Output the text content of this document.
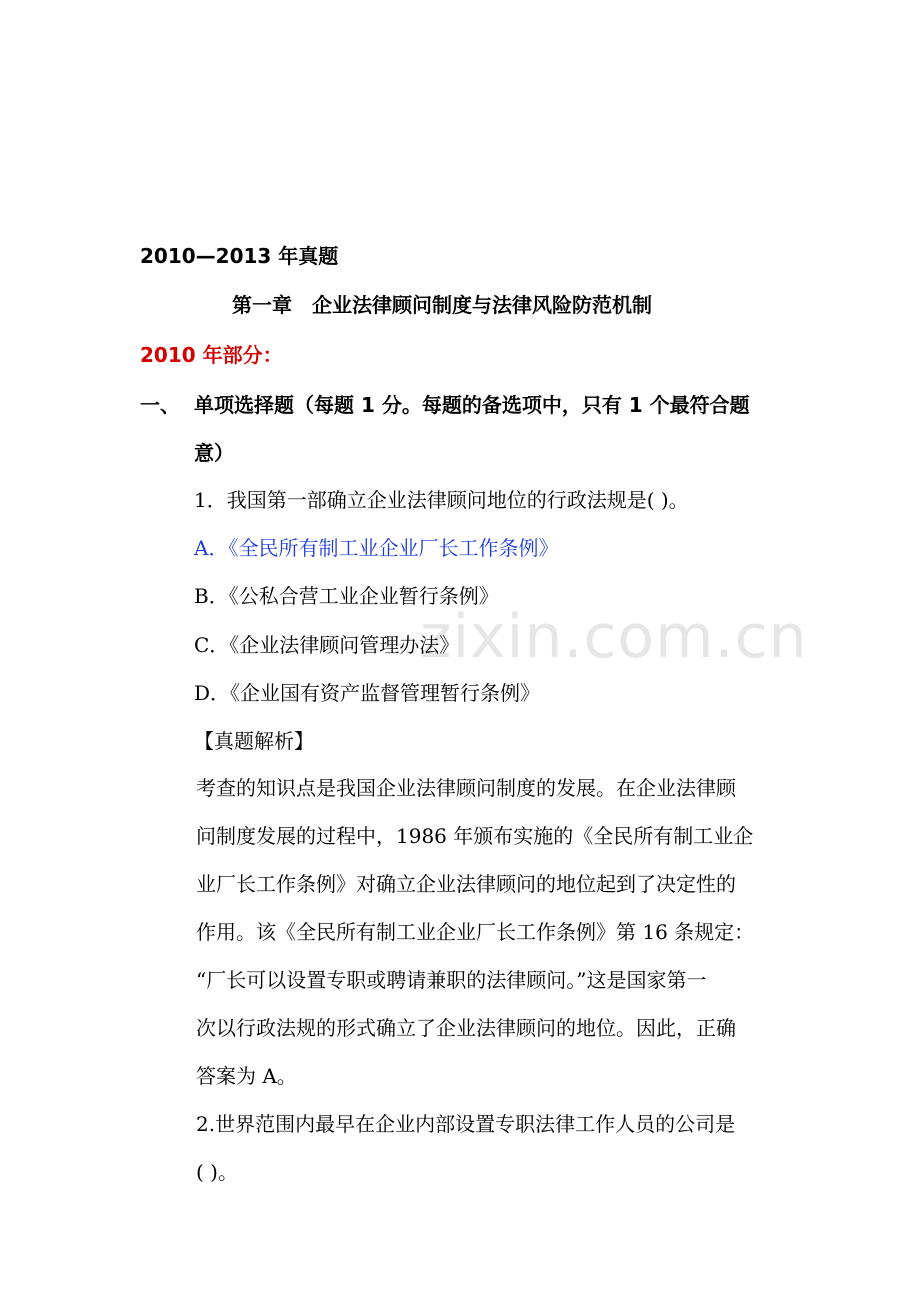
zixin.com.cn
2010—2013 年真题
第一章　企业法律顾问制度与法律风险防范机制
2010 年部分：
一、 单项选择题（每题 1 分。每题的备选项中，只有 1 个最符合题
意）
1．我国第一部确立企业法律顾问地位的行政法规是( )。
A．《全民所有制工业企业厂长工作条例》
B．《公私合营工业企业暂行条例》
C．《企业法律顾问管理办法》
D．《企业国有资产监督管理暂行条例》
【真题解析】
考查的知识点是我国企业法律顾问制度的发展。在企业法律顾
问制度发展的过程中，1986 年颁布实施的《全民所有制工业企
业厂长工作条例》对确立企业法律顾问的地位起到了决定性的
作用。该《全民所有制工业企业厂长工作条例》第 16 条规定：
“厂长可以设置专职或聘请兼职的法律顾问。”这是国家第一
次以行政法规的形式确立了企业法律顾问的地位。因此，正确
答案为 A。
2.世界范围内最早在企业内部设置专职法律工作人员的公司是
( )。
